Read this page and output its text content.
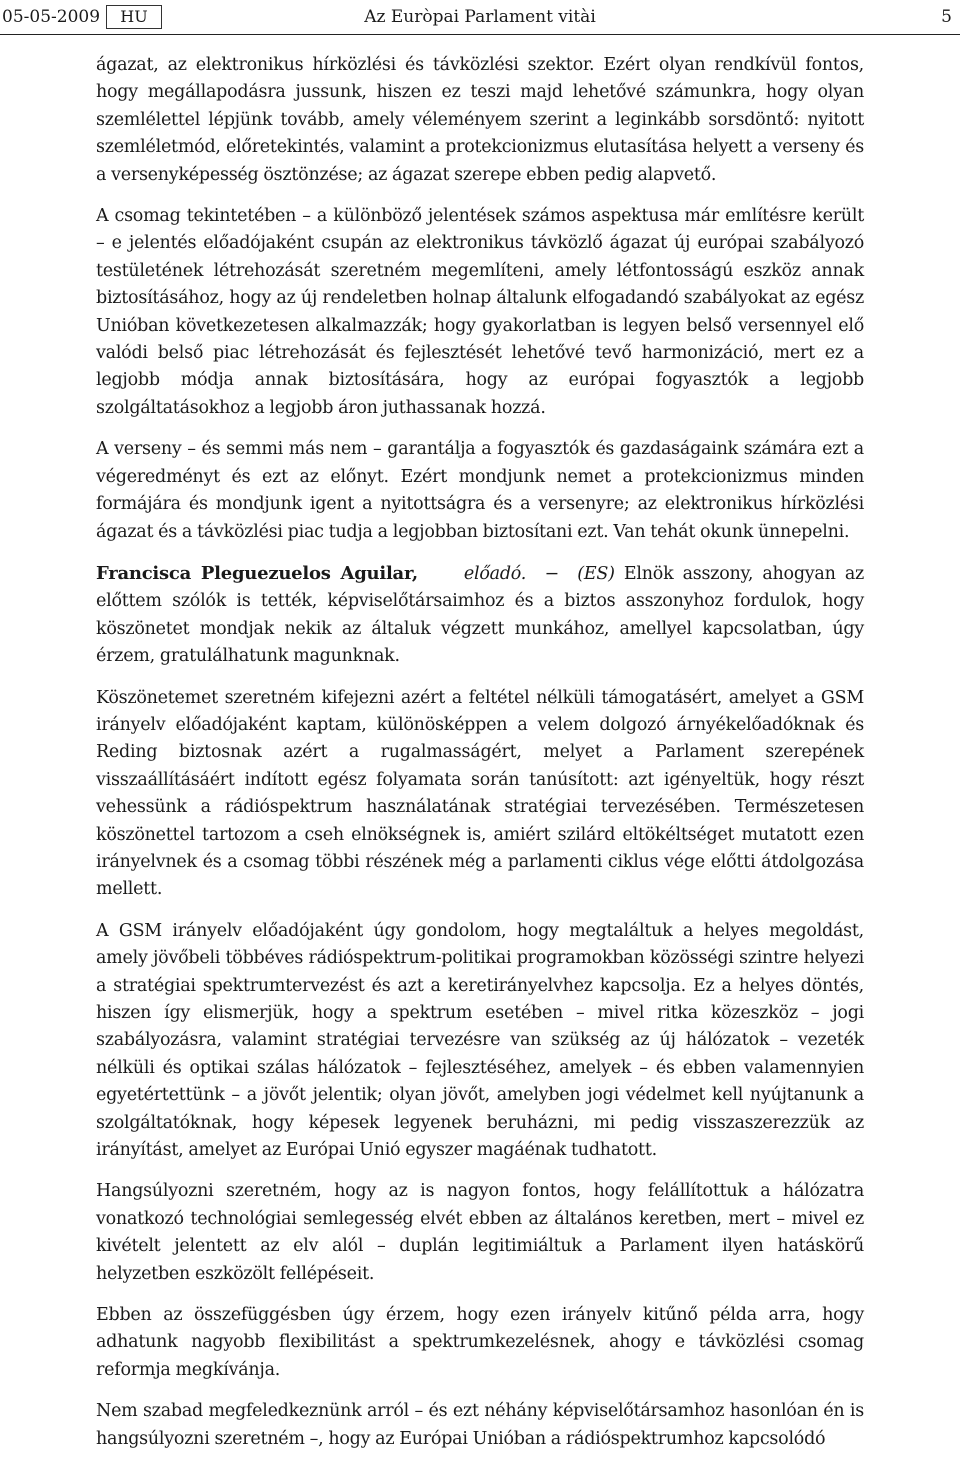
05-05-2009	HU	Az Euròpai Parlament vitài	5

ágazat, az elektronikus hírközlési és távközlési szektor. Ezért olyan rendkívül fontos, hogy megállapodásra jussunk, hiszen ez teszi majd lehetővé számunkra, hogy olyan szemlélettel lépjünk tovább, amely véleményem szerint a leginkább sorsdöntő: nyitott szemléletmód, előretekintés, valamint a protekcionizmus elutasítása helyett a verseny és a versenyképesség ösztönzése; az ágazat szerepe ebben pedig alapvető.

A csomag tekintetében – a különböző jelentések számos aspektusa már említésre került – e jelentés előadójaként csupán az elektronikus távközlő ágazat új európai szabályozó testületének létrehozását szeretném megemlíteni, amely létfontosságú eszköz annak biztosításához, hogy az új rendeletben holnap általunk elfogadandó szabályokat az egész Unióban következetesen alkalmazzák; hogy gyakorlatban is legyen belső versennyel elő valódi belső piac létrehozását és fejlesztését lehetővé tevő harmonizáció, mert ez a legjobb módja annak biztosítására, hogy az európai fogyasztók a legjobb szolgáltatásokhoz a legjobb áron juthassanak hozzá.

A verseny – és semmi más nem – garantálja a fogyasztók és gazdaságaink számára ezt a végeredményt és ezt az előnyt. Ezért mondjunk nemet a protekcionizmus minden formájára és mondjunk igent a nyitottságra és a versenyre; az elektronikus hírközlési ágazat és a távközlési piac tudja a legjobban biztosítani ezt. Van tehát okunk ünnepelni.

Francisca Pleguezuelos Aguilar,	előadó. − (ES) Elnök asszony, ahogyan az előttem szólók is tették, képviselőtársaimhoz és a biztos asszonyhoz fordulok, hogy köszönetet mondjak nekik az általuk végzett munkához, amellyel kapcsolatban, úgy érzem, gratulálhatunk magunknak.

Köszönetemet szeretném kifejezni azért a feltétel nélküli támogatásért, amelyet a GSM irányelv előadójaként kaptam, különösképpen a velem dolgozó árnyékelőadóknak és Reding biztosnak azért a rugalmasságért, melyet a Parlament szerepének visszaállításáért indított egész folyamata során tanúsított: azt igényeltük, hogy részt vehessünk a rádióspektrum használatának stratégiai tervezésében. Természetesen köszönettel tartozom a cseh elnökségnek is, amiért szilárd eltökéltséget mutatott ezen irányelvnek és a csomag többi részének még a parlamenti ciklus vége előtti átdolgozása mellett.

A GSM irányelv előadójaként úgy gondolom, hogy megtaláltuk a helyes megoldást, amely jövőbeli többéves rádióspektrum-politikai programokban közösségi szintre helyezi a stratégiai spektrumtervezést és azt a keretirányelvhez kapcsolja. Ez a helyes döntés, hiszen így elismerjük, hogy a spektrum esetében – mivel ritka közeszköz – jogi szabályozásra, valamint stratégiai tervezésre van szükség az új hálózatok – vezeték nélküli és optikai szálas hálózatok – fejlesztéséhez, amelyek – és ebben valamennyien egyetértettünk – a jövőt jelentik; olyan jövőt, amelyben jogi védelmet kell nyújtanunk a szolgáltatóknak, hogy képesek legyenek beruházni, mi pedig visszaszerezzük az irányítást, amelyet az Európai Unió egyszer magáénak tudhatott.

Hangsúlyozni szeretném, hogy az is nagyon fontos, hogy felállítottuk a hálózatra vonatkozó technológiai semlegesség elvét ebben az általános keretben, mert – mivel ez kivételt jelentett az elv alól – duplán legitimiáltuk a Parlament ilyen hatáskörű helyzetben eszközölt fellépéseit.

Ebben az összefüggésben úgy érzem, hogy ezen irányelv kitűnő példa arra, hogy adhatunk nagyobb flexibilitást a spektrumkezelésnek, ahogy e távközlési csomag reformja megkívánja.

Nem szabad megfeledkeznünk arról – és ezt néhány képviselőtársamhoz hasonlóan én is hangsúlyozni szeretném –, hogy az Európai Unióban a rádióspektrumhoz kapcsolódó
